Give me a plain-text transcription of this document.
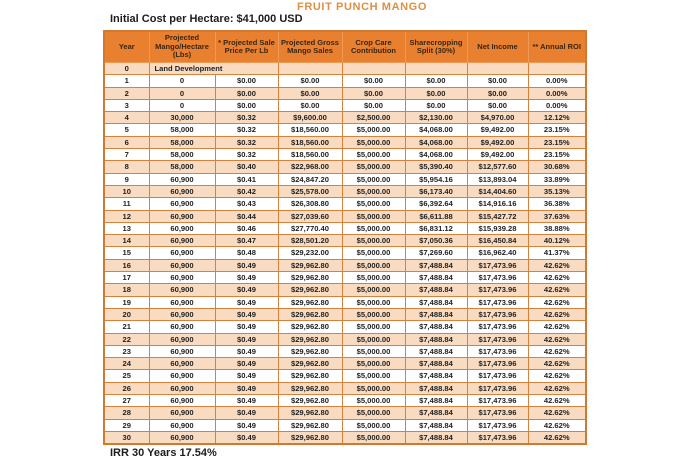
FRUIT PUNCH MANGO
Initial Cost per Hectare: $41,000 USD
Year	Projected Mango/Hectare (Lbs)	* Projected Sale Price Per Lb	Projected Gross Mango Sales	Crop Care Contribution	Sharecropping Split (30%)	Net Income	** Annual ROI
0	Land Development						
1	0	$0.00	$0.00	$0.00	$0.00	$0.00	0.00%
2	0	$0.00	$0.00	$0.00	$0.00	$0.00	0.00%
3	0	$0.00	$0.00	$0.00	$0.00	$0.00	0.00%
4	30,000	$0.32	$9,600.00	$2,500.00	$2,130.00	$4,970.00	12.12%
5	58,000	$0.32	$18,560.00	$5,000.00	$4,068.00	$9,492.00	23.15%
6	58,000	$0.32	$18,560.00	$5,000.00	$4,068.00	$9,492.00	23.15%
7	58,000	$0.32	$18,560.00	$5,000.00	$4,068.00	$9,492.00	23.15%
8	58,000	$0.40	$22,968.00	$5,000.00	$5,390.40	$12,577.60	30.68%
9	60,900	$0.41	$24,847.20	$5,000.00	$5,954.16	$13,893.04	33.89%
10	60,900	$0.42	$25,578.00	$5,000.00	$6,173.40	$14,404.60	35.13%
11	60,900	$0.43	$26,308.80	$5,000.00	$6,392.64	$14,916.16	36.38%
12	60,900	$0.44	$27,039.60	$5,000.00	$6,611.88	$15,427.72	37.63%
13	60,900	$0.46	$27,770.40	$5,000.00	$6,831.12	$15,939.28	38.88%
14	60,900	$0.47	$28,501.20	$5,000.00	$7,050.36	$16,450.84	40.12%
15	60,900	$0.48	$29,232.00	$5,000.00	$7,269.60	$16,962.40	41.37%
16	60,900	$0.49	$29,962.80	$5,000.00	$7,488.84	$17,473.96	42.62%
17	60,900	$0.49	$29,962.80	$5,000.00	$7,488.84	$17,473.96	42.62%
18	60,900	$0.49	$29,962.80	$5,000.00	$7,488.84	$17,473.96	42.62%
19	60,900	$0.49	$29,962.80	$5,000.00	$7,488.84	$17,473.96	42.62%
20	60,900	$0.49	$29,962.80	$5,000.00	$7,488.84	$17,473.96	42.62%
21	60,900	$0.49	$29,962.80	$5,000.00	$7,488.84	$17,473.96	42.62%
22	60,900	$0.49	$29,962.80	$5,000.00	$7,488.84	$17,473.96	42.62%
23	60,900	$0.49	$29,962.80	$5,000.00	$7,488.84	$17,473.96	42.62%
24	60,900	$0.49	$29,962.80	$5,000.00	$7,488.84	$17,473.96	42.62%
25	60,900	$0.49	$29,962.80	$5,000.00	$7,488.84	$17,473.96	42.62%
26	60,900	$0.49	$29,962.80	$5,000.00	$7,488.84	$17,473.96	42.62%
27	60,900	$0.49	$29,962.80	$5,000.00	$7,488.84	$17,473.96	42.62%
28	60,900	$0.49	$29,962.80	$5,000.00	$7,488.84	$17,473.96	42.62%
29	60,900	$0.49	$29,962.80	$5,000.00	$7,488.84	$17,473.96	42.62%
30	60,900	$0.49	$29,962.80	$5,000.00	$7,488.84	$17,473.96	42.62%
IRR 30 Years 17.54%
